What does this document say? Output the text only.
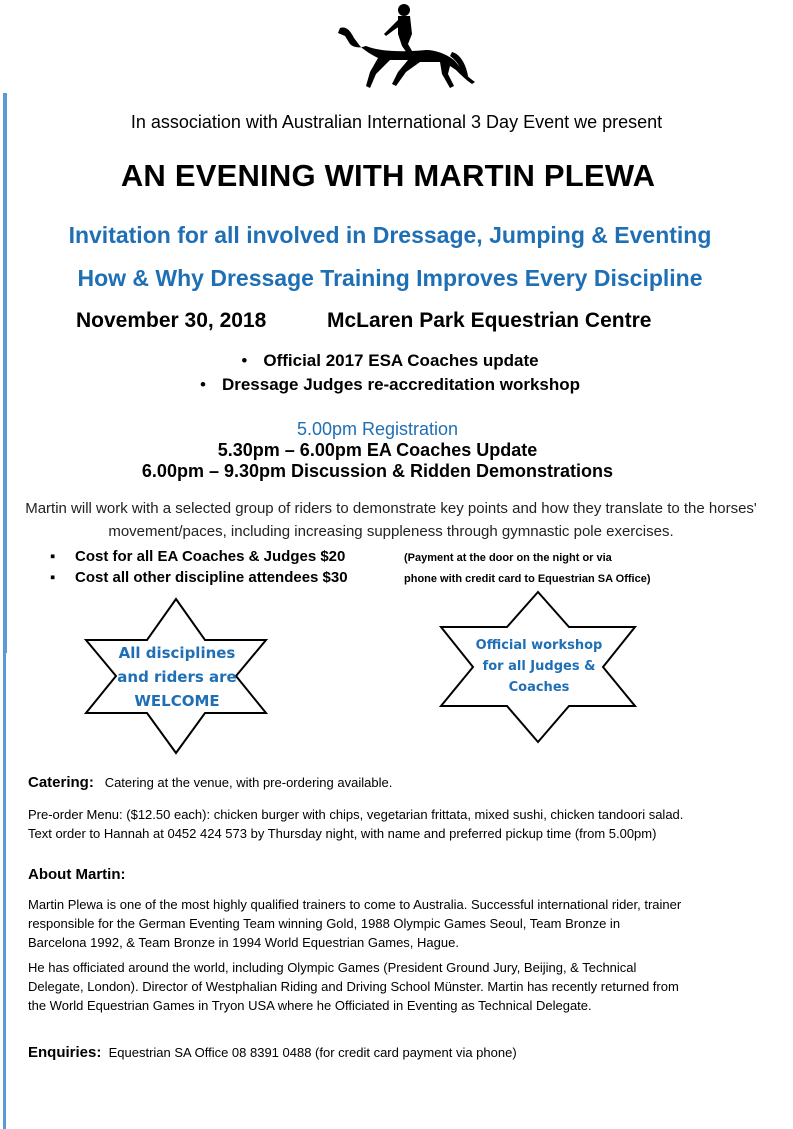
In association with Australian International 3 Day Event we present
AN EVENING WITH MARTIN PLEWA
Invitation for all involved in Dressage, Jumping & Eventing
How & Why Dressage Training Improves Every Discipline
November 30, 2018	McLaren Park Equestrian Centre
• Official 2017 ESA Coaches update
• Dressage Judges re-accreditation workshop
5.00pm Registration
5.30pm – 6.00pm EA Coaches Update
6.00pm – 9.30pm Discussion & Ridden Demonstrations
Martin will work with a selected group of riders to demonstrate key points and how they translate to the horses' movement/paces, including increasing suppleness through gymnastic pole exercises.
▪ Cost for all EA Coaches & Judges $20
▪ Cost all other discipline attendees $30
(Payment at the door on the night or via
phone with credit card to Equestrian SA Office)
All disciplines
and riders are
WELCOME
Official workshop
for all Judges &
Coaches
Catering: Catering at the venue, with pre-ordering available.
Pre-order Menu: ($12.50 each): chicken burger with chips, vegetarian frittata, mixed sushi, chicken tandoori salad.
Text order to Hannah at 0452 424 573 by Thursday night, with name and preferred pickup time (from 5.00pm)
About Martin:
Martin Plewa is one of the most highly qualified trainers to come to Australia. Successful international rider, trainer
responsible for the German Eventing Team winning Gold, 1988 Olympic Games Seoul, Team Bronze in
Barcelona 1992, & Team Bronze in 1994 World Equestrian Games, Hague.
He has officiated around the world, including Olympic Games (President Ground Jury, Beijing, & Technical
Delegate, London). Director of Westphalian Riding and Driving School Münster. Martin has recently returned from
the World Equestrian Games in Tryon USA where he Officiated in Eventing as Technical Delegate.
Enquiries: Equestrian SA Office 08 8391 0488 (for credit card payment via phone)
